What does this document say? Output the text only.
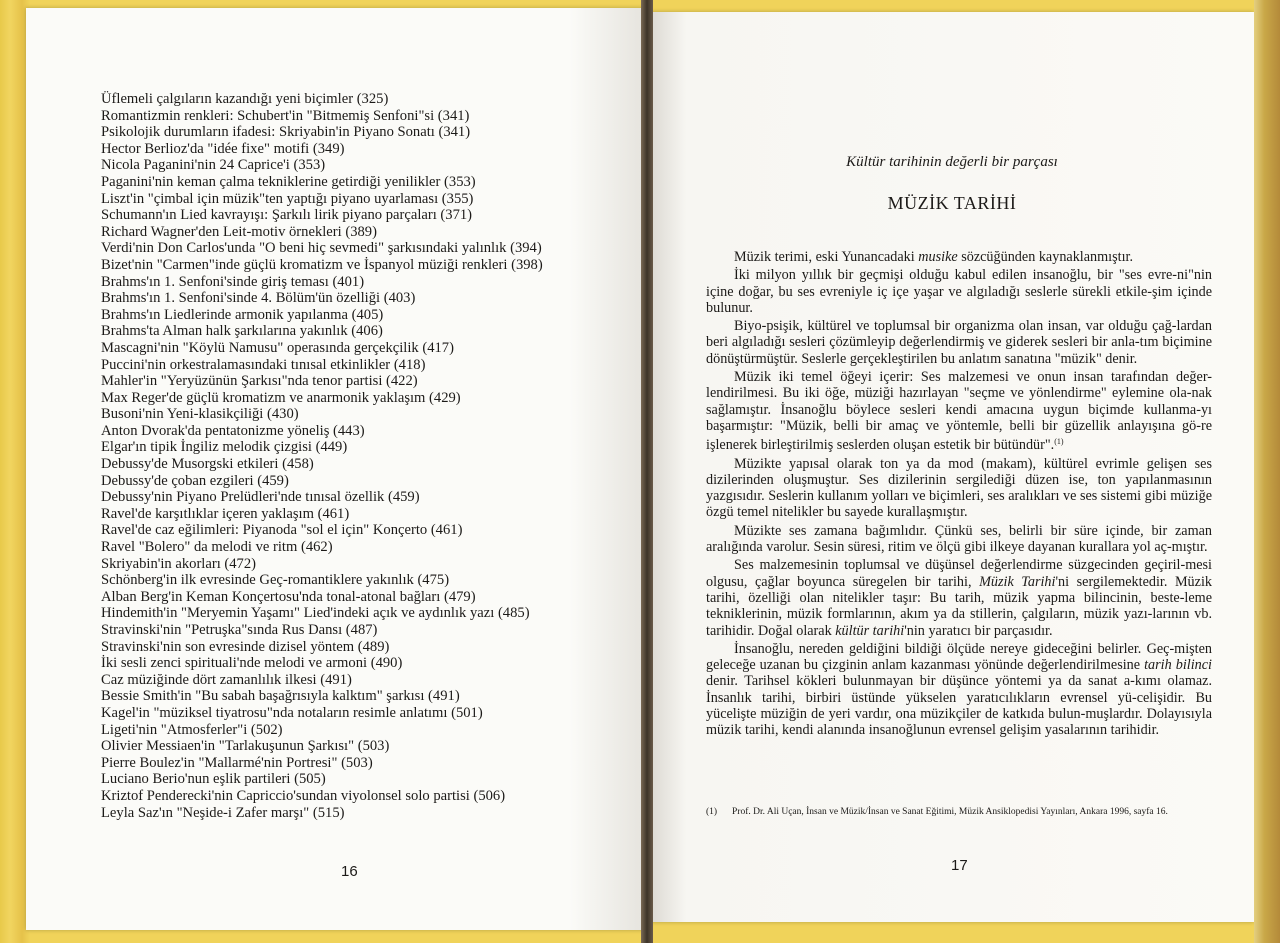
Üflemeli çalgıların kazandığı yeni biçimler (325)
Romantizmin renkleri: Schubert'in "Bitmemiş Senfoni"si (341)
Psikolojik durumların ifadesi: Skriyabin'in Piyano Sonatı (341)
Hector Berlioz'da "idée fixe" motifi (349)
Nicola Paganini'nin 24 Caprice'i (353)
Paganini'nin keman çalma tekniklerine getirdiği yenilikler (353)
Liszt'in "çimbal için müzik"ten yaptığı piyano uyarlaması (355)
Schumann'ın Lied kavrayışı: Şarkılı lirik piyano parçaları (371)
Richard Wagner'den Leit-motiv örnekleri (389)
Verdi'nin Don Carlos'unda "O beni hiç sevmedi" şarkısındaki yalınlık (394)
Bizet'nin "Carmen"inde güçlü kromatizm ve İspanyol müziği renkleri (398)
Brahms'ın 1. Senfoni'sinde giriş teması (401)
Brahms'ın 1. Senfoni'sinde 4. Bölüm'ün özelliği (403)
Brahms'ın Liedlerinde armonik yapılanma (405)
Brahms'ta Alman halk şarkılarına yakınlık (406)
Mascagni'nin "Köylü Namusu" operasında gerçekçilik (417)
Puccini'nin orkestralamasındaki tınısal etkinlikler (418)
Mahler'in "Yeryüzünün Şarkısı"nda tenor partisi (422)
Max Reger'de güçlü kromatizm ve anarmonik yaklaşım (429)
Busoni'nin Yeni-klasikçiliği (430)
Anton Dvorak'da pentatonizme yöneliş (443)
Elgar'ın tipik İngiliz melodik çizgisi (449)
Debussy'de Musorgski etkileri (458)
Debussy'de çoban ezgileri (459)
Debussy'nin Piyano Prelüdleri'nde tınısal özellik (459)
Ravel'de karşıtlıklar içeren yaklaşım (461)
Ravel'de caz eğilimleri: Piyanoda "sol el için" Konçerto (461)
Ravel "Bolero" da melodi ve ritm (462)
Skriyabin'in akorları (472)
Schönberg'in ilk evresinde Geç-romantiklere yakınlık (475)
Alban Berg'in Keman Konçertosu'nda tonal-atonal bağları (479)
Hindemith'in "Meryemin Yaşamı" Lied'indeki açık ve aydınlık yazı (485)
Stravinski'nin "Petruşka"sında Rus Dansı (487)
Stravinski'nin son evresinde dizisel yöntem (489)
İki sesli zenci spirituali'nde melodi ve armoni (490)
Caz müziğinde dört zamanlılık ilkesi (491)
Bessie Smith'in "Bu sabah başağrısıyla kalktım" şarkısı (491)
Kagel'in "müziksel tiyatrosu"nda notaların resimle anlatımı (501)
Ligeti'nin "Atmosferler"i (502)
Olivier Messiaen'in "Tarlakuşunun Şarkısı" (503)
Pierre Boulez'in "Mallarmé'nin Portresi" (503)
Luciano Berio'nun eşlik partileri (505)
Kriztof Penderecki'nin Capriccio'sundan viyolonsel solo partisi (506)
Leyla Saz'ın "Neşide-i Zafer marşı" (515)
16
Kültür tarihinin değerli bir parçası
MÜZİK TARİHİ

Müzik terimi, eski Yunancadaki musike sözcüğünden kaynaklanmıştır.

İki milyon yıllık bir geçmişi olduğu kabul edilen insanoğlu, bir "ses evre-ni"nin içine doğar, bu ses evreniyle iç içe yaşar ve algıladığı seslerle sürekli etkile-şim içinde bulunur.

Biyo-psişik, kültürel ve toplumsal bir organizma olan insan, var olduğu çağ-lardan beri algıladığı sesleri çözümleyip değerlendirmiş ve giderek sesleri bir anla-tım biçimine dönüştürmüştür. Seslerle gerçekleştirilen bu anlatım sanatına "müzik" denir.

Müzik iki temel öğeyi içerir: Ses malzemesi ve onun insan tarafından değer-lendirilmesi. Bu iki öğe, müziği hazırlayan "seçme ve yönlendirme" eylemine ola-nak sağlamıştır. İnsanoğlu böylece sesleri kendi amacına uygun biçimde kullanma-yı başarmıştır: "Müzik, belli bir amaç ve yöntemle, belli bir güzellik anlayışına gö-re işlenerek birleştirilmiş seslerden oluşan estetik bir bütündür".$^{(1)}$

Müzikte yapısal olarak ton ya da mod (makam), kültürel evrimle gelişen ses dizilerinden oluşmuştur. Ses dizilerinin sergilediği düzen ise, ton yapılanmasının yazgısıdır. Seslerin kullanım yolları ve biçimleri, ses aralıkları ve ses sistemi gibi müziğe özgü temel nitelikler bu sayede kurallaşmıştır.

Müzikte ses zamana bağımlıdır. Çünkü ses, belirli bir süre içinde, bir zaman aralığında varolur. Sesin süresi, ritim ve ölçü gibi ilkeye dayanan kurallara yol aç-mıştır.

Ses malzemesinin toplumsal ve düşünsel değerlendirme süzgecinden geçiril-mesi olgusu, çağlar boyunca süregelen bir tarihi, Müzik Tarihi'ni sergilemektedir. Müzik tarihi, özelliği olan nitelikler taşır: Bu tarih, müzik yapma bilincinin, beste-leme tekniklerinin, müzik formlarının, akım ya da stillerin, çalgıların, müzik yazı-larının vb. tarihidir. Doğal olarak kültür tarihi'nin yaratıcı bir parçasıdır.

İnsanoğlu, nereden geldiğini bildiği ölçüde nereye gideceğini belirler. Geç-mişten geleceğe uzanan bu çizginin anlam kazanması yönünde değerlendirilmesine tarih bilinci denir. Tarihsel kökleri bulunmayan bir düşünce yöntemi ya da sanat a-kımı olamaz. İnsanlık tarihi, birbiri üstünde yükselen yaratıcılıkların evrensel yü-celişidir. Bu yücelişte müziğin de yeri vardır, ona müzikçiler de katkıda bulun-muşlardır. Dolayısıyla müzik tarihi, kendi alanında insanoğlunun evrensel gelişim yasalarının tarihidir.

(1)	Prof. Dr. Ali Uçan, İnsan ve Müzik/İnsan ve Sanat Eğitimi, Müzik Ansiklopedisi Yayınları, Ankara 1996, sayfa 16.
17
